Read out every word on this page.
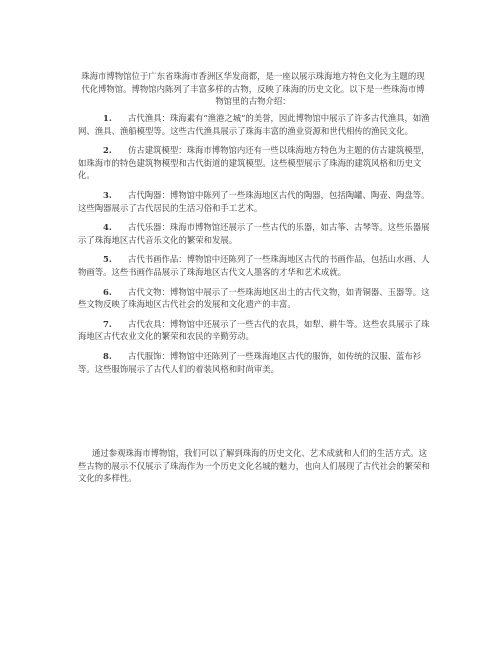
珠海市博物馆位于广东省珠海市香洲区华发商都，是一座以展示珠海地方特色文化为主题的现代化博物馆。博物馆内陈列了丰富多样的古物，反映了珠海的历史文化。以下是一些珠海市博物馆里的古物介绍：

1. 古代渔具：珠海素有“渔港之城”的美誉，因此博物馆中展示了许多古代渔具，如渔网、渔具、渔船模型等。这些古代渔具展示了珠海丰富的渔业资源和世代相传的渔民文化。
2. 仿古建筑模型：珠海市博物馆内还有一些以珠海地方特色为主题的仿古建筑模型，如珠海市的特色建筑物模型和古代街道的建筑模型。这些模型展示了珠海的建筑风格和历史文化。
3. 古代陶器：博物馆中陈列了一些珠海地区古代的陶器，包括陶罐、陶壶、陶盘等。这些陶器展示了古代居民的生活习俗和手工艺术。
4. 古代乐器：珠海市博物馆还展示了一些古代的乐器，如古筝、古琴等。这些乐器展示了珠海地区古代音乐文化的繁荣和发展。
5. 古代书画作品：博物馆中还陈列了一些珠海地区古代的书画作品，包括山水画、人物画等。这些书画作品展示了珠海地区古代文人墨客的才华和艺术成就。
6. 古代文物：博物馆中展示了一些珠海地区出土的古代文物，如青铜器、玉器等。这些文物反映了珠海地区古代社会的发展和文化遗产的丰富。
7. 古代农具：博物馆中还展示了一些古代的农具，如犁、耕牛等。这些农具展示了珠海地区古代农业文化的繁荣和农民的辛勤劳动。
8. 古代服饰：博物馆中还陈列了一些珠海地区古代的服饰，如传统的汉服、蓝布衫等。这些服饰展示了古代人们的着装风格和时尚审美。

通过参观珠海市博物馆，我们可以了解到珠海的历史文化、艺术成就和人们的生活方式。这些古物的展示不仅展示了珠海作为一个历史文化名城的魅力，也向人们展现了古代社会的繁荣和文化的多样性。
